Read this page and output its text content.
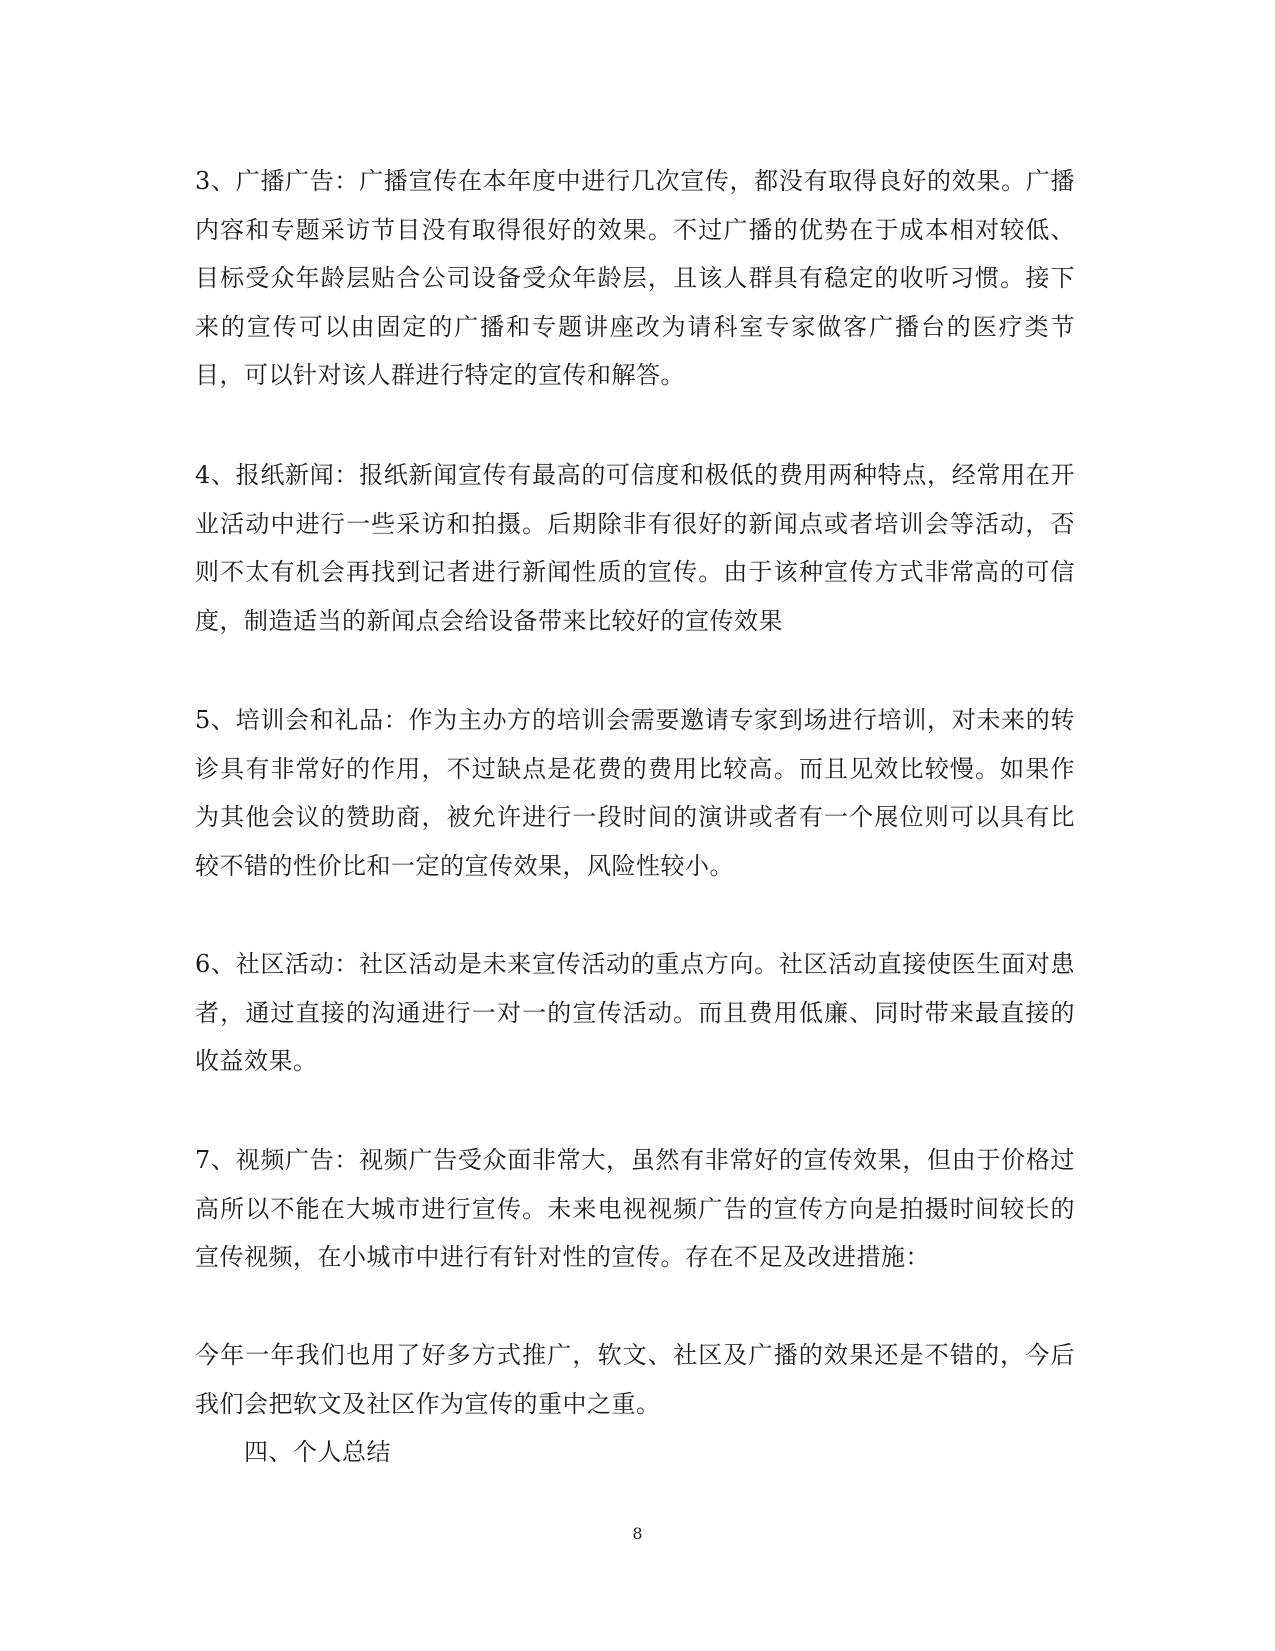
3、广播广告：广播宣传在本年度中进行几次宣传，都没有取得良好的效果。广播内容和专题采访节目没有取得很好的效果。不过广播的优势在于成本相对较低、目标受众年龄层贴合公司设备受众年龄层，且该人群具有稳定的收听习惯。接下来的宣传可以由固定的广播和专题讲座改为请科室专家做客广播台的医疗类节目，可以针对该人群进行特定的宣传和解答。

4、报纸新闻：报纸新闻宣传有最高的可信度和极低的费用两种特点，经常用在开业活动中进行一些采访和拍摄。后期除非有很好的新闻点或者培训会等活动，否则不太有机会再找到记者进行新闻性质的宣传。由于该种宣传方式非常高的可信度，制造适当的新闻点会给设备带来比较好的宣传效果

5、培训会和礼品：作为主办方的培训会需要邀请专家到场进行培训，对未来的转诊具有非常好的作用，不过缺点是花费的费用比较高。而且见效比较慢。如果作为其他会议的赞助商，被允许进行一段时间的演讲或者有一个展位则可以具有比较不错的性价比和一定的宣传效果，风险性较小。

6、社区活动：社区活动是未来宣传活动的重点方向。社区活动直接使医生面对患者，通过直接的沟通进行一对一的宣传活动。而且费用低廉、同时带来最直接的收益效果。

7、视频广告：视频广告受众面非常大，虽然有非常好的宣传效果，但由于价格过高所以不能在大城市进行宣传。未来电视视频广告的宣传方向是拍摄时间较长的宣传视频，在小城市中进行有针对性的宣传。存在不足及改进措施：

今年一年我们也用了好多方式推广，软文、社区及广播的效果还是不错的，今后我们会把软文及社区作为宣传的重中之重。

四、个人总结

8
